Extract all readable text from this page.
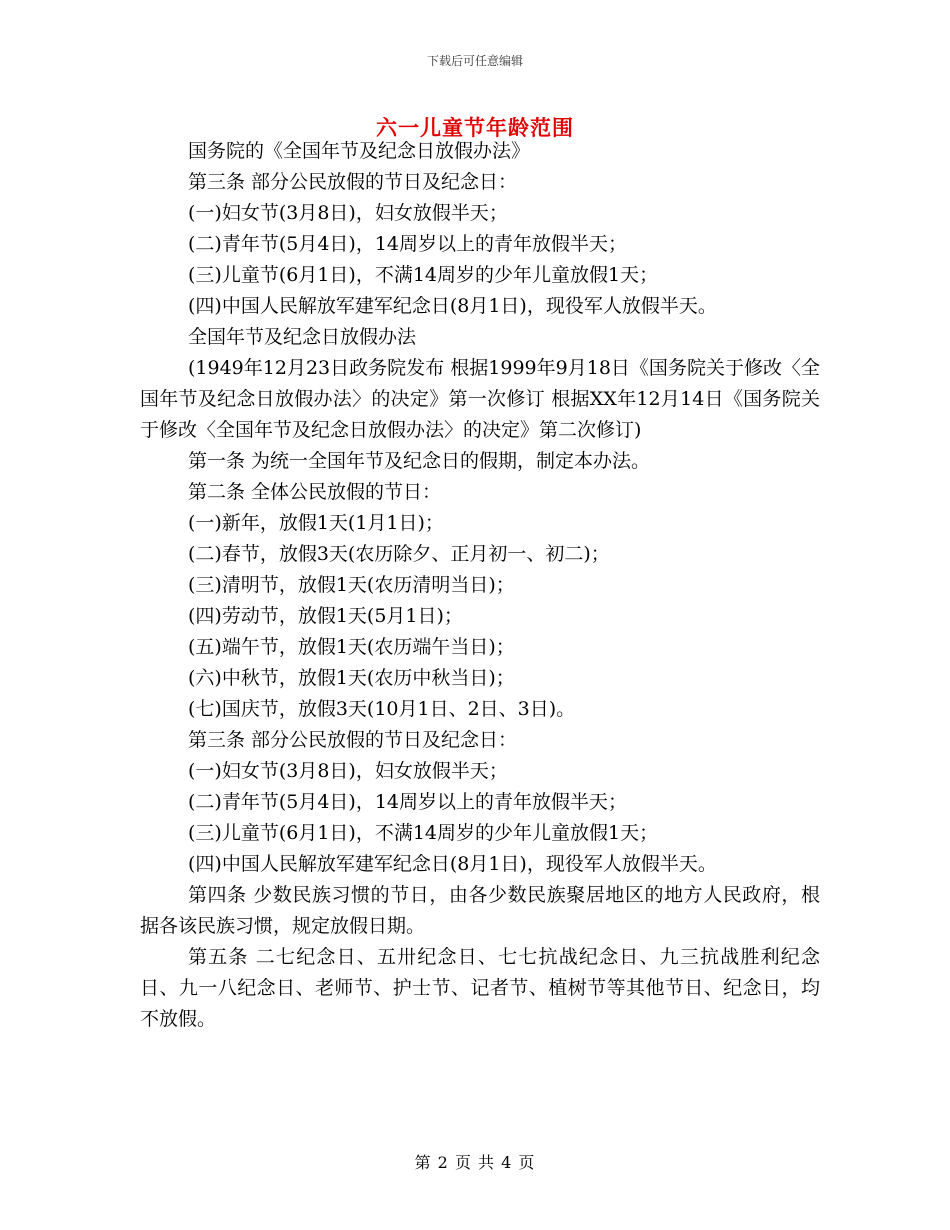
下载后可任意编辑
六一儿童节年龄范围

国务院的《全国年节及纪念日放假办法》

第三条 部分公民放假的节日及纪念日：

(一)妇女节(3月8日)，妇女放假半天；

(二)青年节(5月4日)，14周岁以上的青年放假半天；

(三)儿童节(6月1日)，不满14周岁的少年儿童放假1天；

(四)中国人民解放军建军纪念日(8月1日)，现役军人放假半天。

全国年节及纪念日放假办法

(1949年12月23日政务院发布 根据1999年9月18日《国务院关于修改〈全国年节及纪念日放假办法〉的决定》第一次修订 根据XX年12月14日《国务院关于修改〈全国年节及纪念日放假办法〉的决定》第二次修订)

第一条 为统一全国年节及纪念日的假期，制定本办法。

第二条 全体公民放假的节日：

(一)新年，放假1天(1月1日)；

(二)春节，放假3天(农历除夕、正月初一、初二)；

(三)清明节，放假1天(农历清明当日)；

(四)劳动节，放假1天(5月1日)；

(五)端午节，放假1天(农历端午当日)；

(六)中秋节，放假1天(农历中秋当日)；

(七)国庆节，放假3天(10月1日、2日、3日)。

第三条 部分公民放假的节日及纪念日：

(一)妇女节(3月8日)，妇女放假半天；

(二)青年节(5月4日)，14周岁以上的青年放假半天；

(三)儿童节(6月1日)，不满14周岁的少年儿童放假1天；

(四)中国人民解放军建军纪念日(8月1日)，现役军人放假半天。

第四条 少数民族习惯的节日，由各少数民族聚居地区的地方人民政府，根据各该民族习惯，规定放假日期。

第五条 二七纪念日、五卅纪念日、七七抗战纪念日、九三抗战胜利纪念日、九一八纪念日、老师节、护士节、记者节、植树节等其他节日、纪念日，均不放假。

第 2 页 共 4 页
